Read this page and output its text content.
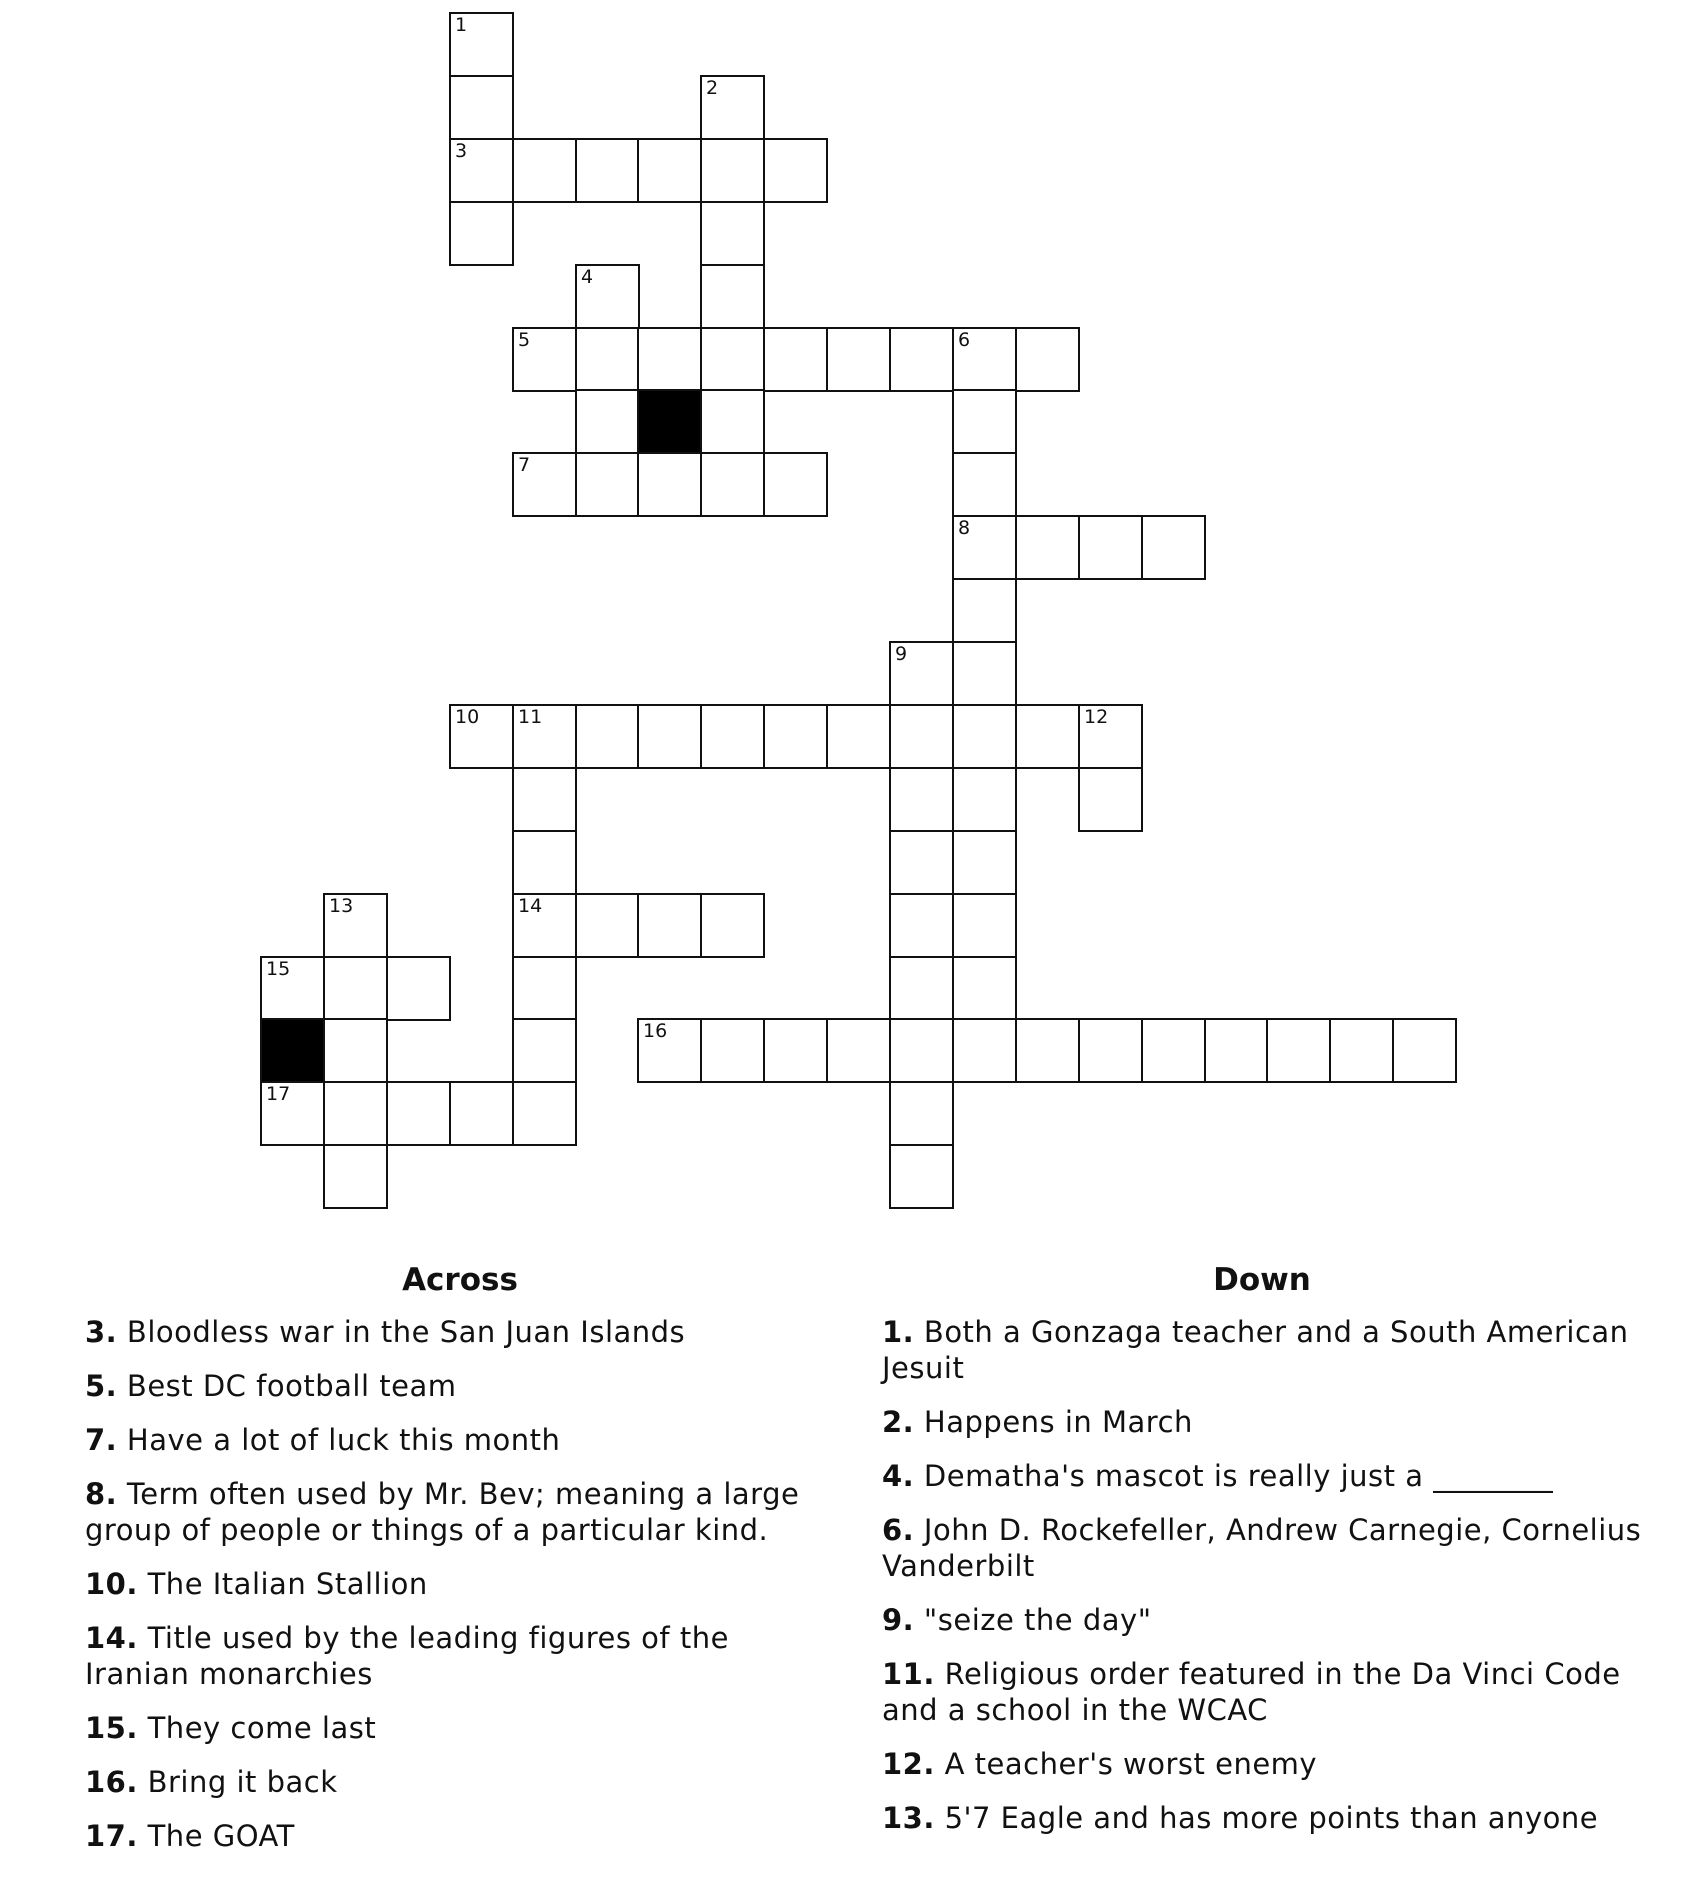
1
2
3
4
5	6
7
8
9
10 11	12
13	14
15
16
17
Across
3. Bloodless war in the San Juan Islands
5. Best DC football team
7. Have a lot of luck this month
8. Term often used by Mr. Bev; meaning a large group of people or things of a particular kind.
10. The Italian Stallion
14. Title used by the leading figures of the Iranian monarchies
15. They come last
16. Bring it back
17. The GOAT
Down
1. Both a Gonzaga teacher and a South American Jesuit
2. Happens in March
4. Dematha's mascot is really just a ________
6. John D. Rockefeller, Andrew Carnegie, Cornelius Vanderbilt
9. "seize the day"
11. Religious order featured in the Da Vinci Code and a school in the WCAC
12. A teacher's worst enemy
13. 5'7 Eagle and has more points than anyone
